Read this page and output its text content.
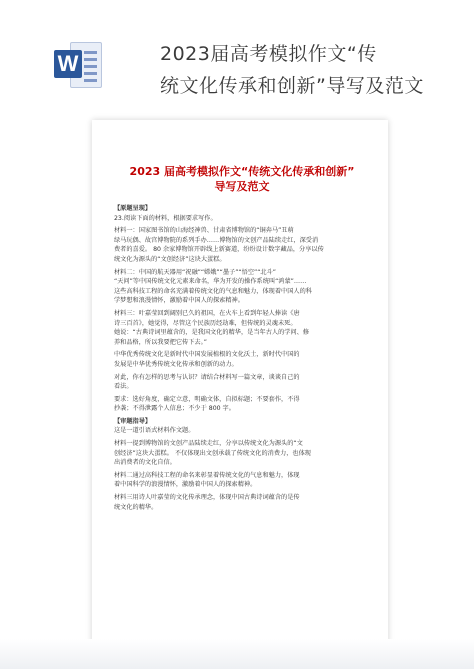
W	2023届高考模拟作文“传
统文化传承和创新”导写及范文
2023 届高考模拟作文“传统文化传承和创新”
导写及范文

【原题呈现】

23.阅读下面的材料，根据要求写作。

材料一：国家图书馆的山海经神兽、甘肃省博物馆的“铜奔马”丑萌

绿马玩偶、故宫博物院的系列手办……博物馆的文创产品陆续走红，深受消

费者的喜爱。 80 余家博物馆开辟线上新赛道，纷纷设计数字藏品，分享以传

统文化为源头的“文创经济”这块大蛋糕。

材料二：中国的航天器用“祝融”“嫦娥”“墨子”“悟空”“北斗”

“天问”等中国传统文化元素来命名，华为开发的操作系统叫“鸿蒙”……

这些高科技工程的命名充满着传统文化的气息和魅力，体现着中国人的科

学梦想和浪漫情怀，激励着中国人的探索精神。

材料三：叶嘉莹回到阔别已久的祖国，在火车上看到年轻人捧读《唐

诗三百首》，她觉得，尽管这个民族历经劫难，但传统的灵魂未死。

她说：“古典诗词里蕴含的，是我国文化的精华，是当年古人的学问、修

养和品格，所以我要把它传下去。”

中华优秀传统文化是新时代中国发展植根的文化沃土，新时代中国的

发展是中华优秀传统文化传承和创新的动力。

对此，你有怎样的思考与认识？请结合材料写一篇文章，谈谈自己的

看法。

要求：选好角度，确定立意，明确文体，自拟标题；不要套作，不得

抄袭；不得泄露个人信息；不少于 800 字。

【审题指导】

这是一道引语式材料作文题。

材料一提到博物馆的文创产品陆续走红，分享以传统文化为源头的“文

创经济”这块大蛋糕。 不仅体现出文创承载了传统文化的消费力，也体现

出消费者的文化自信。

材料二通过高科技工程的命名来彰显着传统文化的气息和魅力，体现

着中国科学的浪漫情怀，激励着中国人的探索精神。

材料三用诗人叶嘉莹的文化传承理念，体现中国古典诗词蕴含的是传

统文化的精华。
